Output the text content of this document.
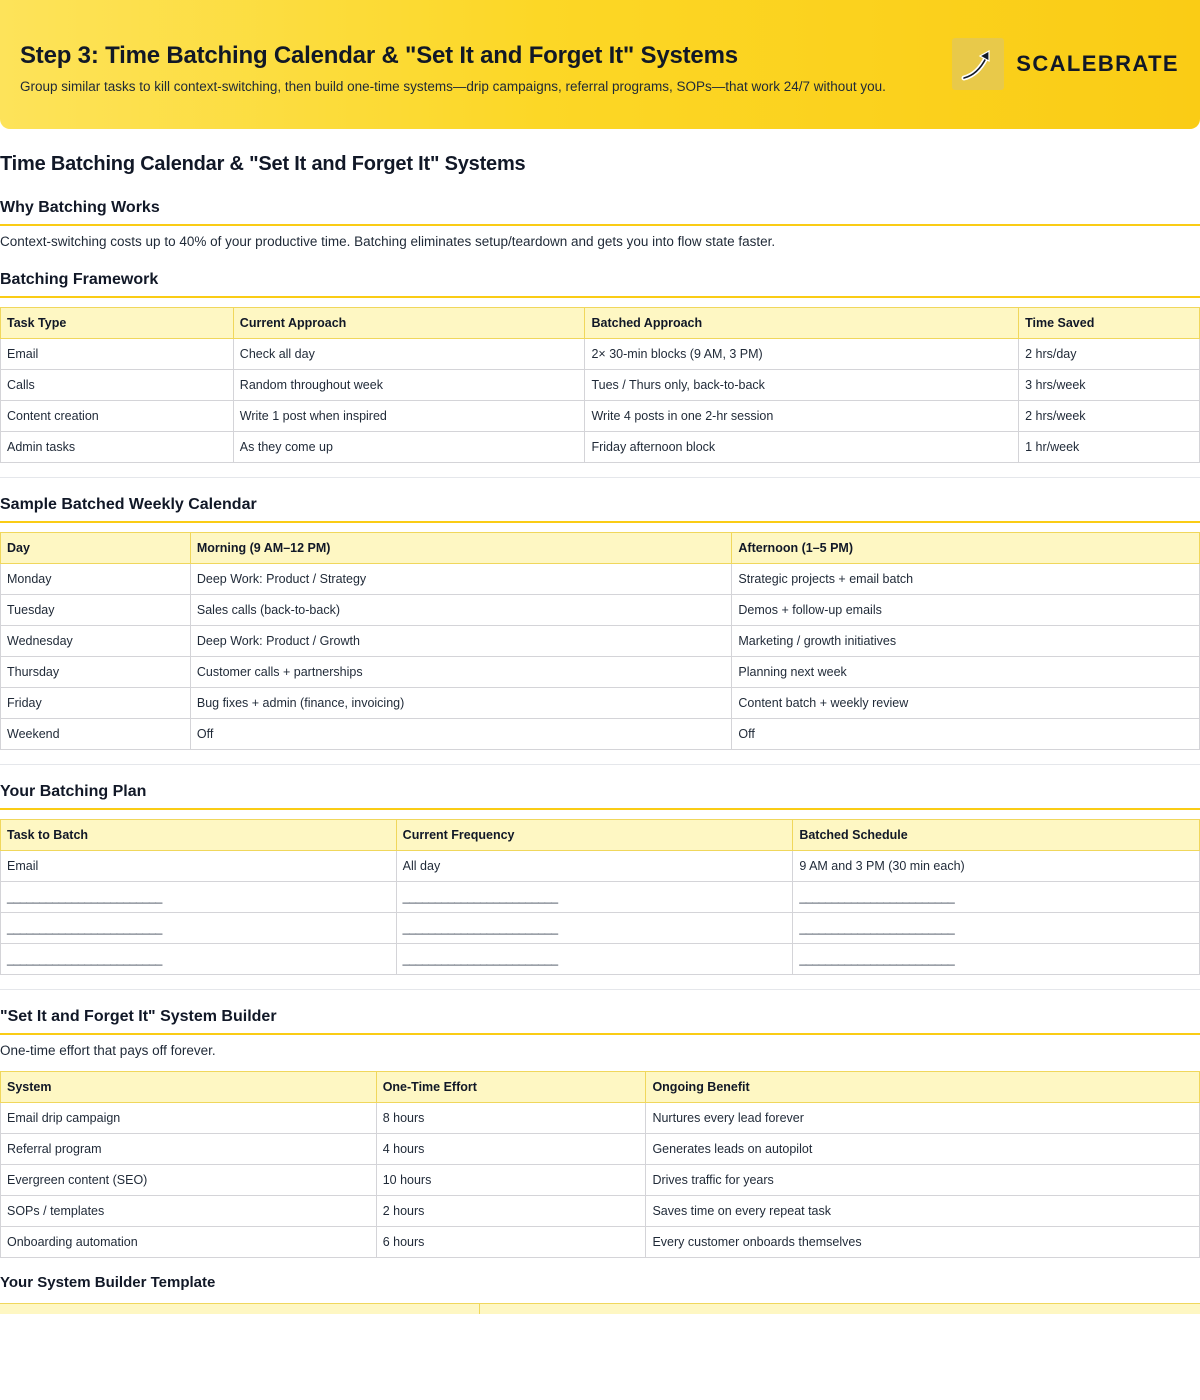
Step 3: Time Batching Calendar & "Set It and Forget It" Systems
Group similar tasks to kill context-switching, then build one-time systems—drip campaigns, referral programs, SOPs—that work 24/7 without you.
SCALEBRATE
Time Batching Calendar & "Set It and Forget It" Systems
Why Batching Works

Context-switching costs up to 40% of your productive time. Batching eliminates setup/teardown and gets you into flow state faster.

Batching Framework
Task Type	Current Approach	Batched Approach	Time Saved
Email	Check all day	2× 30-min blocks (9 AM, 3 PM)	2 hrs/day
Calls	Random throughout week	Tues / Thurs only, back-to-back	3 hrs/week
Content creation	Write 1 post when inspired	Write 4 posts in one 2-hr session	2 hrs/week
Admin tasks	As they come up	Friday afternoon block	1 hr/week
Sample Batched Weekly Calendar
Day	Morning (9 AM–12 PM)	Afternoon (1–5 PM)
Monday	Deep Work: Product / Strategy	Strategic projects + email batch
Tuesday	Sales calls (back-to-back)	Demos + follow-up emails
Wednesday	Deep Work: Product / Growth	Marketing / growth initiatives
Thursday	Customer calls + partnerships	Planning next week
Friday	Bug fixes + admin (finance, invoicing)	Content batch + weekly review
Weekend	Off	Off
Your Batching Plan
Task to Batch	Current Frequency	Batched Schedule
Email	All day	9 AM and 3 PM (30 min each)
________________________	________________________	________________________
________________________	________________________	________________________
________________________	________________________	________________________
"Set It and Forget It" System Builder

One-time effort that pays off forever.

System	One-Time Effort	Ongoing Benefit
Email drip campaign	8 hours	Nurtures every lead forever
Referral program	4 hours	Generates leads on autopilot
Evergreen content (SEO)	10 hours	Drives traffic for years
SOPs / templates	2 hours	Saves time on every repeat task
Onboarding automation	6 hours	Every customer onboards themselves
Your System Builder Template
